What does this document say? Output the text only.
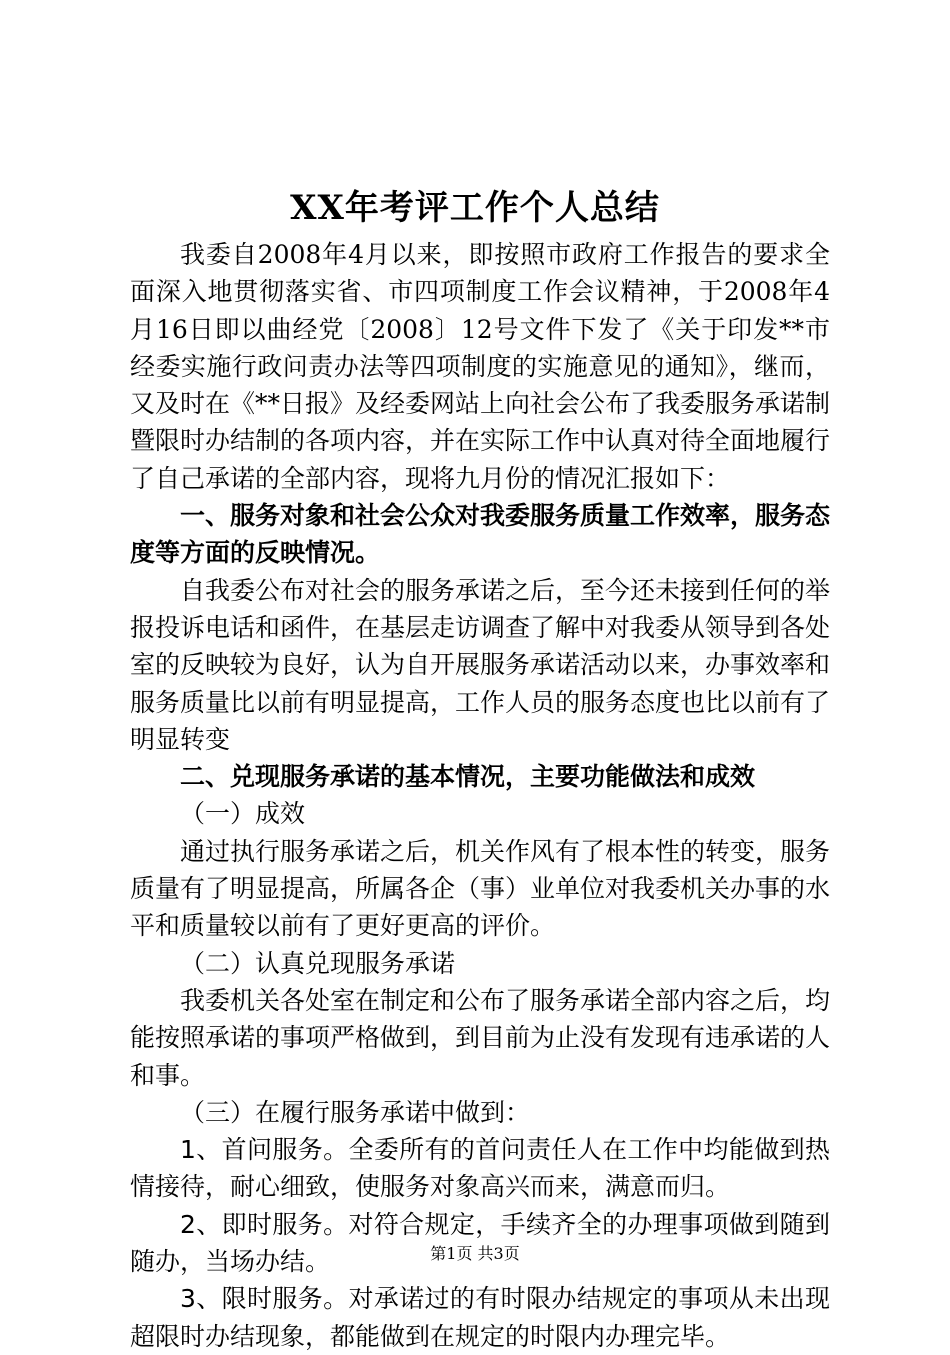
XX年考评工作个人总结

我委自2008年4月以来，即按照市政府工作报告的要求全面深入地贯彻落实省、市四项制度工作会议精神，于2008年4月16日即以曲经党〔2008〕12号文件下发了《关于印发**市经委实施行政问责办法等四项制度的实施意见的通知》，继而，又及时在《**日报》及经委网站上向社会公布了我委服务承诺制暨限时办结制的各项内容，并在实际工作中认真对待全面地履行了自己承诺的全部内容，现将九月份的情况汇报如下：

一、服务对象和社会公众对我委服务质量工作效率，服务态度等方面的反映情况。

自我委公布对社会的服务承诺之后，至今还未接到任何的举报投诉电话和函件，在基层走访调查了解中对我委从领导到各处室的反映较为良好，认为自开展服务承诺活动以来，办事效率和服务质量比以前有明显提高，工作人员的服务态度也比以前有了明显转变

二、兑现服务承诺的基本情况，主要功能做法和成效

（一）成效

通过执行服务承诺之后，机关作风有了根本性的转变，服务质量有了明显提高，所属各企（事）业单位对我委机关办事的水平和质量较以前有了更好更高的评价。

（二）认真兑现服务承诺

我委机关各处室在制定和公布了服务承诺全部内容之后，均能按照承诺的事项严格做到，到目前为止没有发现有违承诺的人和事。

（三）在履行服务承诺中做到：

1、首问服务。全委所有的首问责任人在工作中均能做到热情接待，耐心细致，使服务对象高兴而来，满意而归。

2、即时服务。对符合规定，手续齐全的办理事项做到随到随办，当场办结。

3、限时服务。对承诺过的有时限办结规定的事项从未出现超限时办结现象，都能做到在规定的时限内办理完毕。

第1页 共3页
